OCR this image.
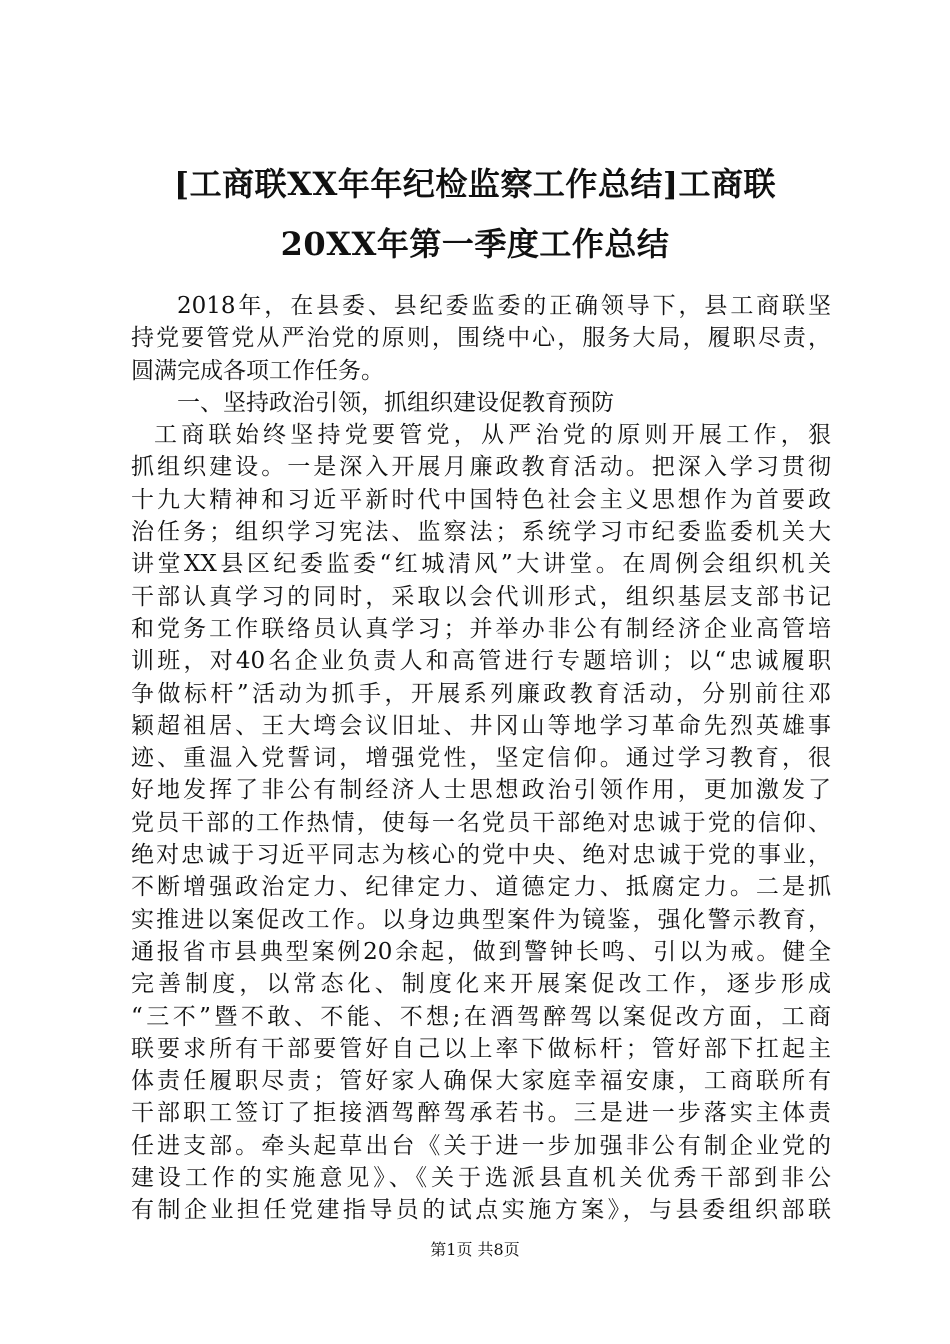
[工商联XX年年纪检监察工作总结]工商联
20XX年第一季度工作总结
2018年，在县委、县纪委监委的正确领导下，县工商联坚
持党要管党从严治党的原则，围绕中心，服务大局，履职尽责，
圆满完成各项工作任务。
一、坚持政治引领，抓组织建设促教育预防
工商联始终坚持党要管党，从严治党的原则开展工作，狠
抓组织建设。一是深入开展月廉政教育活动。把深入学习贯彻
十九大精神和习近平新时代中国特色社会主义思想作为首要政
治任务；组织学习宪法、监察法；系统学习市纪委监委机关大
讲堂XX县区纪委监委“红城清风”大讲堂。在周例会组织机关
干部认真学习的同时，采取以会代训形式，组织基层支部书记
和党务工作联络员认真学习；并举办非公有制经济企业高管培
训班，对40名企业负责人和高管进行专题培训；以“忠诚履职
争做标杆”活动为抓手，开展系列廉政教育活动，分别前往邓
颖超祖居、王大塆会议旧址、井冈山等地学习革命先烈英雄事
迹、重温入党誓词，增强党性，坚定信仰。通过学习教育，很
好地发挥了非公有制经济人士思想政治引领作用，更加激发了
党员干部的工作热情，使每一名党员干部绝对忠诚于党的信仰、
绝对忠诚于习近平同志为核心的党中央、绝对忠诚于党的事业，
不断增强政治定力、纪律定力、道德定力、抵腐定力。二是抓
实推进以案促改工作。以身边典型案件为镜鉴，强化警示教育，
通报省市县典型案例20余起，做到警钟长鸣、引以为戒。健全
完善制度，以常态化、制度化来开展案促改工作，逐步形成
“三不”暨不敢、不能、不想;在酒驾醉驾以案促改方面，工商
联要求所有干部要管好自己以上率下做标杆；管好部下扛起主
体责任履职尽责；管好家人确保大家庭幸福安康，工商联所有
干部职工签订了拒接酒驾醉驾承若书。三是进一步落实主体责
任进支部。牵头起草出台《关于进一步加强非公有制企业党的
建设工作的实施意见》、《关于选派县直机关优秀干部到非公
有制企业担任党建指导员的试点实施方案》，与县委组织部联
第1页 共8页
